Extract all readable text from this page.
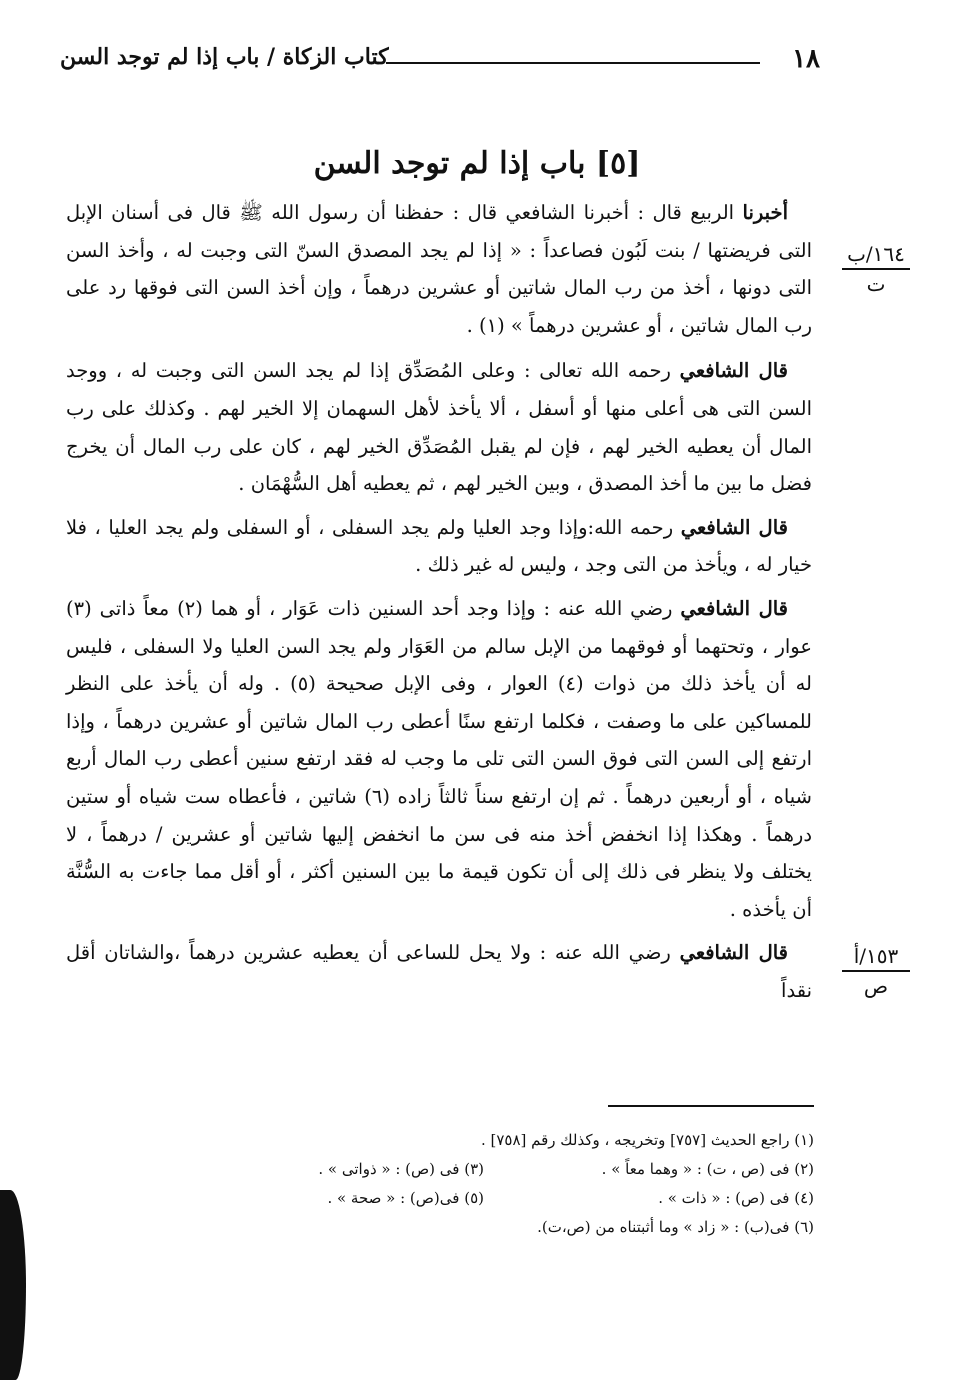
١٨
كتاب الزكاة / باب إذا لم توجد السن
[٥] باب إذا لم توجد السن
١٦٤/ب
ت
١٥٣/أ
ص

أخبرنا الربيع قال : أخبرنا الشافعي قال : حفظنا أن رسول الله ﷺ قال فى أسنان الإبل التى فريضتها / بنت لَبُون فصاعداً : « إذا لم يجد المصدق السنّ التى وجبت له ، وأخذ السن التى دونها ، أخذ من رب المال شاتين أو عشرين درهماً ، وإن أخذ السن التى فوقها رد على رب المال شاتين ، أو عشرين درهماً » (١) .

قال الشافعي رحمه الله تعالى : وعلى المُصَدِّق إذا لم يجد السن التى وجبت له ، ووجد السن التى هى أعلى منها أو أسفل ، ألا يأخذ لأهل السهمان إلا الخير لهم . وكذلك على رب المال أن يعطيه الخير لهم ، فإن لم يقبل المُصَدِّق الخير لهم ، كان على رب المال أن يخرج فضل ما بين ما أخذ المصدق ، وبين الخير لهم ، ثم يعطيه أهل السُّهْمَان .

قال الشافعي رحمه الله:وإذا وجد العليا ولم يجد السفلى ، أو السفلى ولم يجد العليا ، فلا خيار له ، ويأخذ من التى وجد ، وليس له غير ذلك .

قال الشافعي رضي الله عنه : وإذا وجد أحد السنين ذات عَوَار ، أو هما (٢) معاً ذاتى (٣) عوار ، وتحتهما أو فوقهما من الإبل سالم من العَوَار ولم يجد السن العليا ولا السفلى ، فليس له أن يأخذ ذلك من ذوات (٤) العوار ، وفى الإبل صحيحة (٥) . وله أن يأخذ على النظر للمساكين على ما وصفت ، فكلما ارتفع سنًا أعطى رب المال شاتين أو عشرين درهماً ، وإذا ارتفع إلى السن التى فوق السن التى تلى ما وجب له فقد ارتفع سنين أعطى رب المال أربع شياه ، أو أربعين درهماً . ثم إن ارتفع سناً ثالثاً زاده (٦) شاتين ، فأعطاه ست شياه أو ستين درهماً . وهكذا إذا انخفض أخذ منه فى سن ما انخفض إليها شاتين أو عشرين / درهماً ، لا يختلف ولا ينظر فى ذلك إلى أن تكون قيمة ما بين السنين أكثر ، أو أقل مما جاءت به السُّنَّة أن يأخذه .

قال الشافعي رضي الله عنه : ولا يحل للساعى أن يعطيه عشرين درهماً ،والشاتان أقل نقداً

(١) راجع الحديث [٧٥٧] وتخريجه ، وكذلك رقم [٧٥٨] .
(٢) فى (ص ، ت) : « وهما معاً » .
(٣) فى (ص) : « ذواتى » .
(٤) فى (ص) : « ذات » .
(٥) فى(ص) : « صحة » .
(٦) فى(ب) : « زاد » وما أثبتناه من (ص،ت).
